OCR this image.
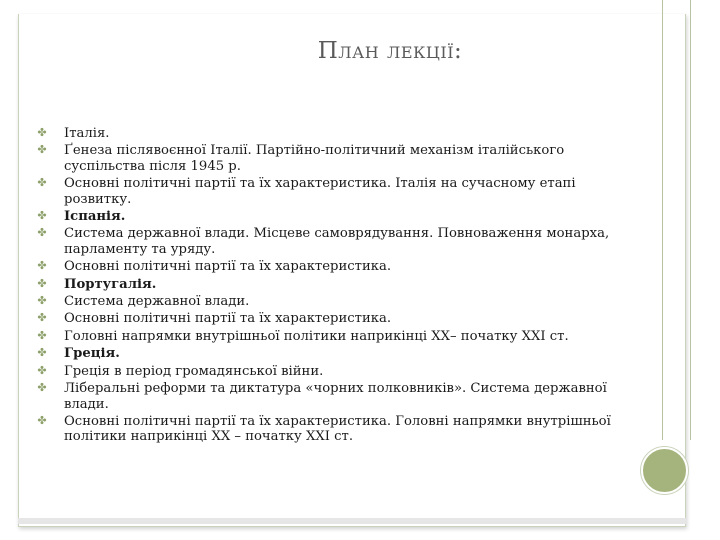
План лекції:
✤ Італія.
✤ Ґенеза післявоєнної Італії. Партійно-політичний механізм італійського суспільства після 1945 р.
✤ Основні політичні партії та їх характеристика. Італія на сучасному етапі розвитку.
✤ Іспанія.
✤ Система державної влади. Місцеве самоврядування. Повноваження монарха, парламенту та уряду.
✤ Основні політичні партії та їх характеристика.
✤ Португалія.
✤ Система державної влади.
✤ Основні політичні партії та їх характеристика.
✤ Головні напрямки внутрішньої політики наприкінці ХХ– початку ХХІ ст.
✤ Греція.
✤ Греція в період громадянської війни.
✤ Ліберальні реформи та диктатура «чорних полковників». Система державної влади.
✤ Основні політичні партії та їх характеристика. Головні напрямки внутрішньої політики наприкінці ХХ – початку ХХІ ст.
